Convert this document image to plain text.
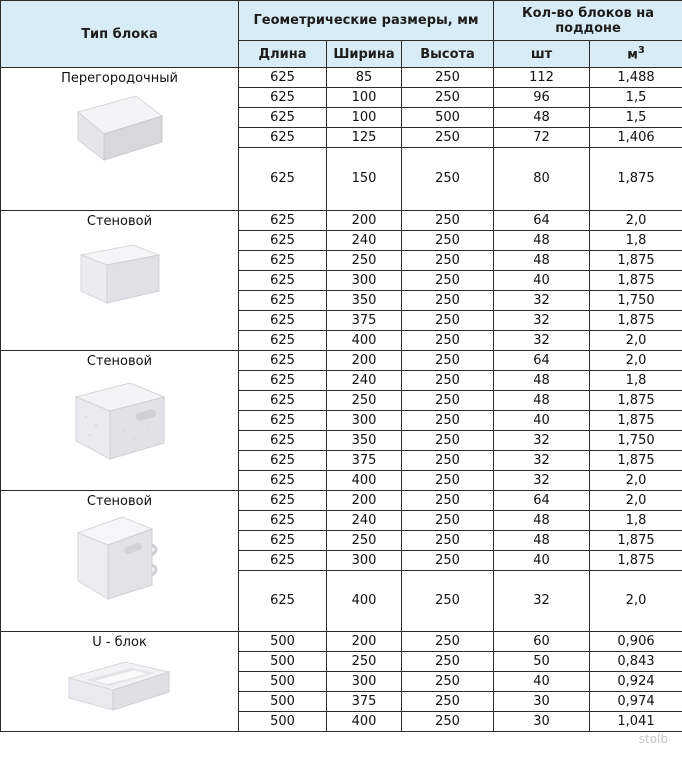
Тип блока	Геометрические размеры, мм			Кол-во блоков на поддоне	
	Длина	Ширина	Высота	шт	$м^3$

Перегородочный	625	85	250	112	1,488
	625	100	250	96	1,5
	625	100	500	48	1,5
	625	125	250	72	1,406
	625	150	250	80	1,875

Стеновой	625	200	250	64	2,0
	625	240	250	48	1,8
	625	250	250	48	1,875
	625	300	250	40	1,875
	625	350	250	32	1,750
	625	375	250	32	1,875
	625	400	250	32	2,0

Стеновой	625	200	250	64	2,0
	625	240	250	48	1,8
	625	250	250	48	1,875
	625	300	250	40	1,875
	625	350	250	32	1,750
	625	375	250	32	1,875
	625	400	250	32	2,0

Стеновой	625	200	250	64	2,0
	625	240	250	48	1,8
	625	250	250	48	1,875
	625	300	250	40	1,875
	625	400	250	32	2,0

U - блок	500	200	250	60	0,906
	500	250	250	50	0,843
	500	300	250	40	0,924
	500	375	250	30	0,974
	500	400	250	30	1,041
stolb
